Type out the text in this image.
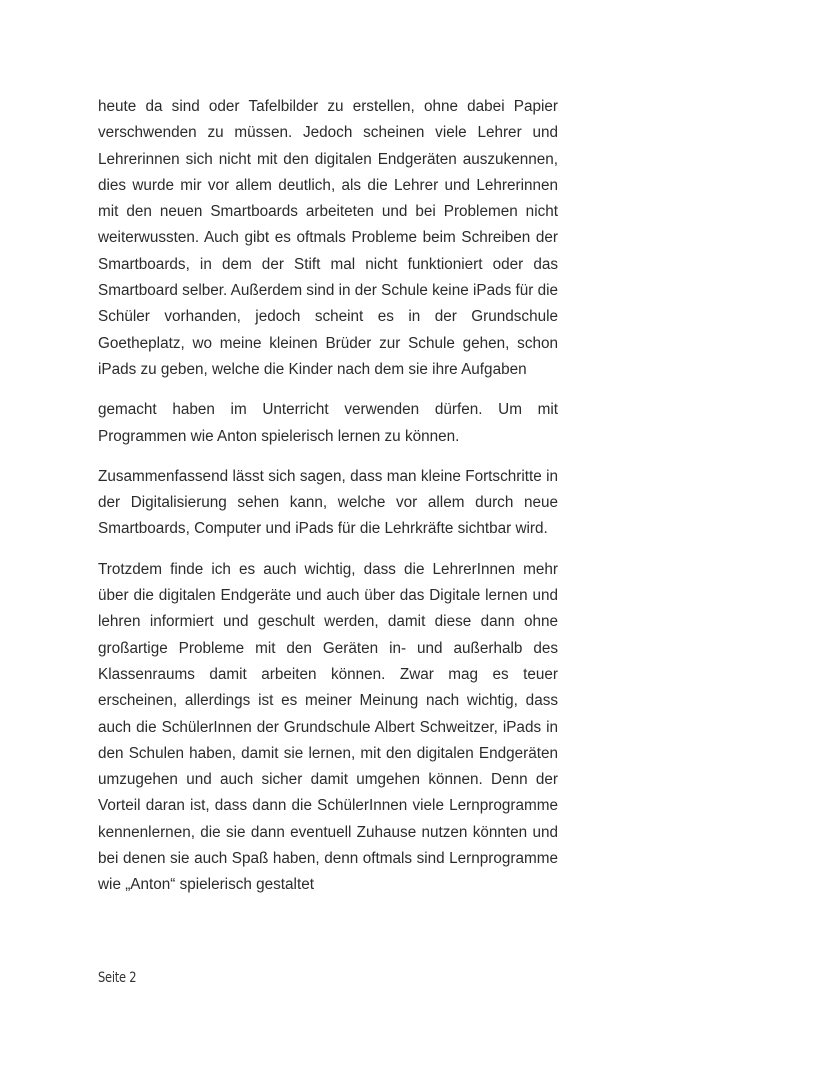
heute da sind oder Tafelbilder zu erstellen, ohne dabei Papier verschwenden zu müssen. Jedoch scheinen viele Lehrer und Lehrerinnen sich nicht mit den digitalen Endgeräten auszukennen, dies wurde mir vor allem deutlich, als die Lehrer und Lehrerinnen mit den neuen Smartboards arbeiteten und bei Problemen nicht weiterwussten. Auch gibt es oftmals Probleme beim Schreiben der Smartboards, in dem der Stift mal nicht funktioniert oder das Smartboard selber. Außerdem sind in der Schule keine iPads für die Schüler vorhanden, jedoch scheint es in der Grundschule Goetheplatz, wo meine kleinen Brüder zur Schule gehen, schon iPads zu geben, welche die Kinder nach dem sie ihre Aufgaben

gemacht haben im Unterricht verwenden dürfen. Um mit Programmen wie Anton spielerisch lernen zu können.

Zusammenfassend lässt sich sagen, dass man kleine Fortschritte in der Digitalisierung sehen kann, welche vor allem durch neue Smartboards, Computer und iPads für die Lehrkräfte sichtbar wird.

Trotzdem finde ich es auch wichtig, dass die LehrerInnen mehr über die digitalen Endgeräte und auch über das Digitale lernen und lehren informiert und geschult werden, damit diese dann ohne großartige Probleme mit den Geräten in- und außerhalb des Klassenraums damit arbeiten können. Zwar mag es teuer erscheinen, allerdings ist es meiner Meinung nach wichtig, dass auch die SchülerInnen der Grundschule Albert Schweitzer, iPads in den Schulen haben, damit sie lernen, mit den digitalen Endgeräten umzugehen und auch sicher damit umgehen können. Denn der Vorteil daran ist, dass dann die SchülerInnen viele Lernprogramme kennenlernen, die sie dann eventuell Zuhause nutzen könnten und bei denen sie auch Spaß haben, denn oftmals sind Lernprogramme wie „Anton“ spielerisch gestaltet

Seite 2
